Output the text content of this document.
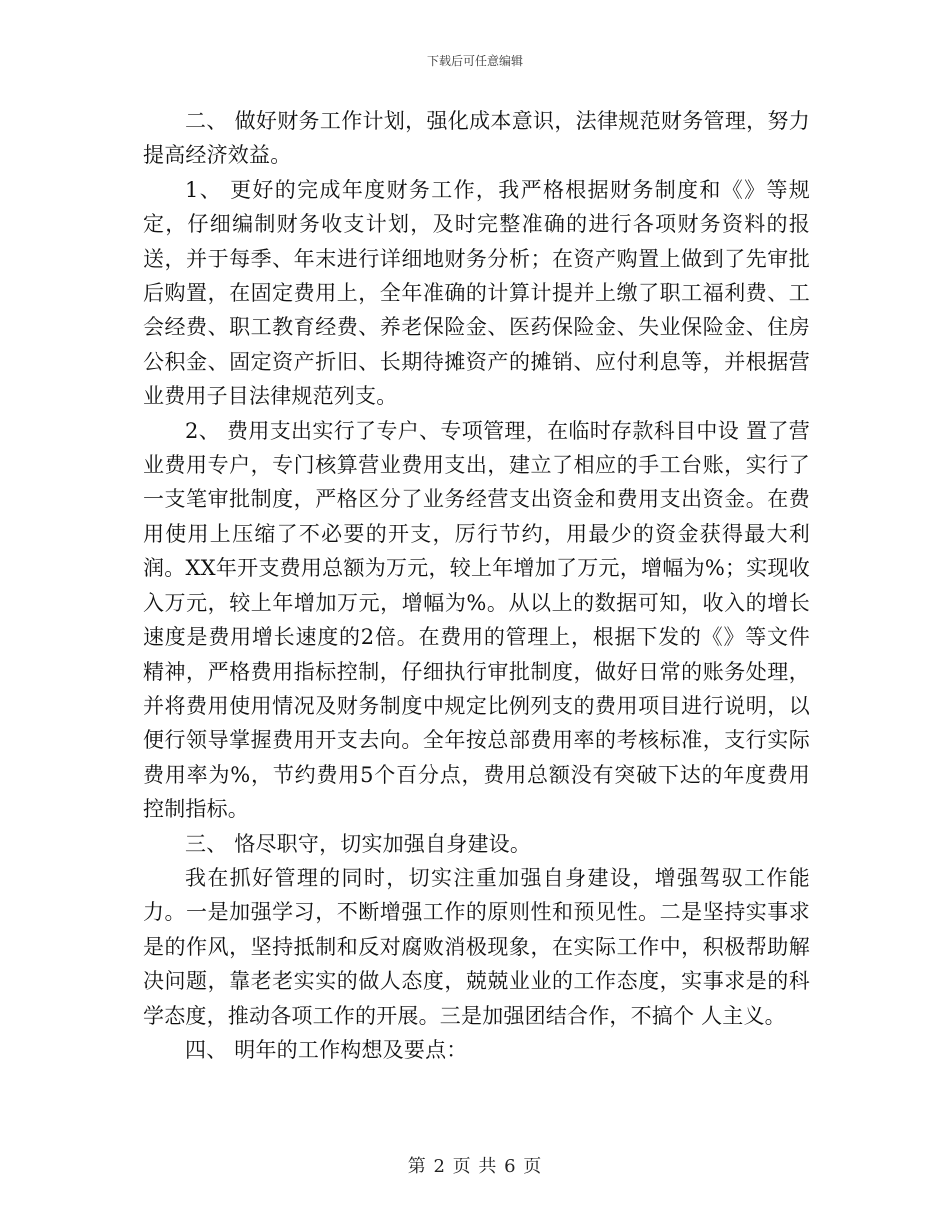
下载后可任意编辑

二、 做好财务工作计划，强化成本意识，法律规范财务管理，努力提高经济效益。

1、 更好的完成年度财务工作，我严格根据财务制度和《》等规定，仔细编制财务收支计划，及时完整准确的进行各项财务资料的报送，并于每季、年末进行详细地财务分析；在资产购置上做到了先审批后购置，在固定费用上，全年准确的计算计提并上缴了职工福利费、工会经费、职工教育经费、养老保险金、医药保险金、失业保险金、住房公积金、固定资产折旧、长期待摊资产的摊销、应付利息等，并根据营业费用子目法律规范列支。

2、 费用支出实行了专户、专项管理，在临时存款科目中设 置了营业费用专户，专门核算营业费用支出，建立了相应的手工台账，实行了一支笔审批制度，严格区分了业务经营支出资金和费用支出资金。在费用使用上压缩了不必要的开支，厉行节约，用最少的资金获得最大利润。XX年开支费用总额为万元，较上年增加了万元，增幅为%；实现收入万元，较上年增加万元，增幅为%。从以上的数据可知，收入的增长速度是费用增长速度的2倍。在费用的管理上，根据下发的《》等文件精神，严格费用指标控制，仔细执行审批制度，做好日常的账务处理，并将费用使用情况及财务制度中规定比例列支的费用项目进行说明，以便行领导掌握费用开支去向。全年按总部费用率的考核标准，支行实际费用率为%，节约费用5个百分点，费用总额没有突破下达的年度费用控制指标。

三、 恪尽职守，切实加强自身建设。

我在抓好管理的同时，切实注重加强自身建设，增强驾驭工作能力。一是加强学习，不断增强工作的原则性和预见性。二是坚持实事求是的作风，坚持抵制和反对腐败消极现象，在实际工作中，积极帮助解决问题，靠老老实实的做人态度，兢兢业业的工作态度，实事求是的科学态度，推动各项工作的开展。三是加强团结合作，不搞个 人主义。

四、 明年的工作构想及要点：

第 2 页 共 6 页
